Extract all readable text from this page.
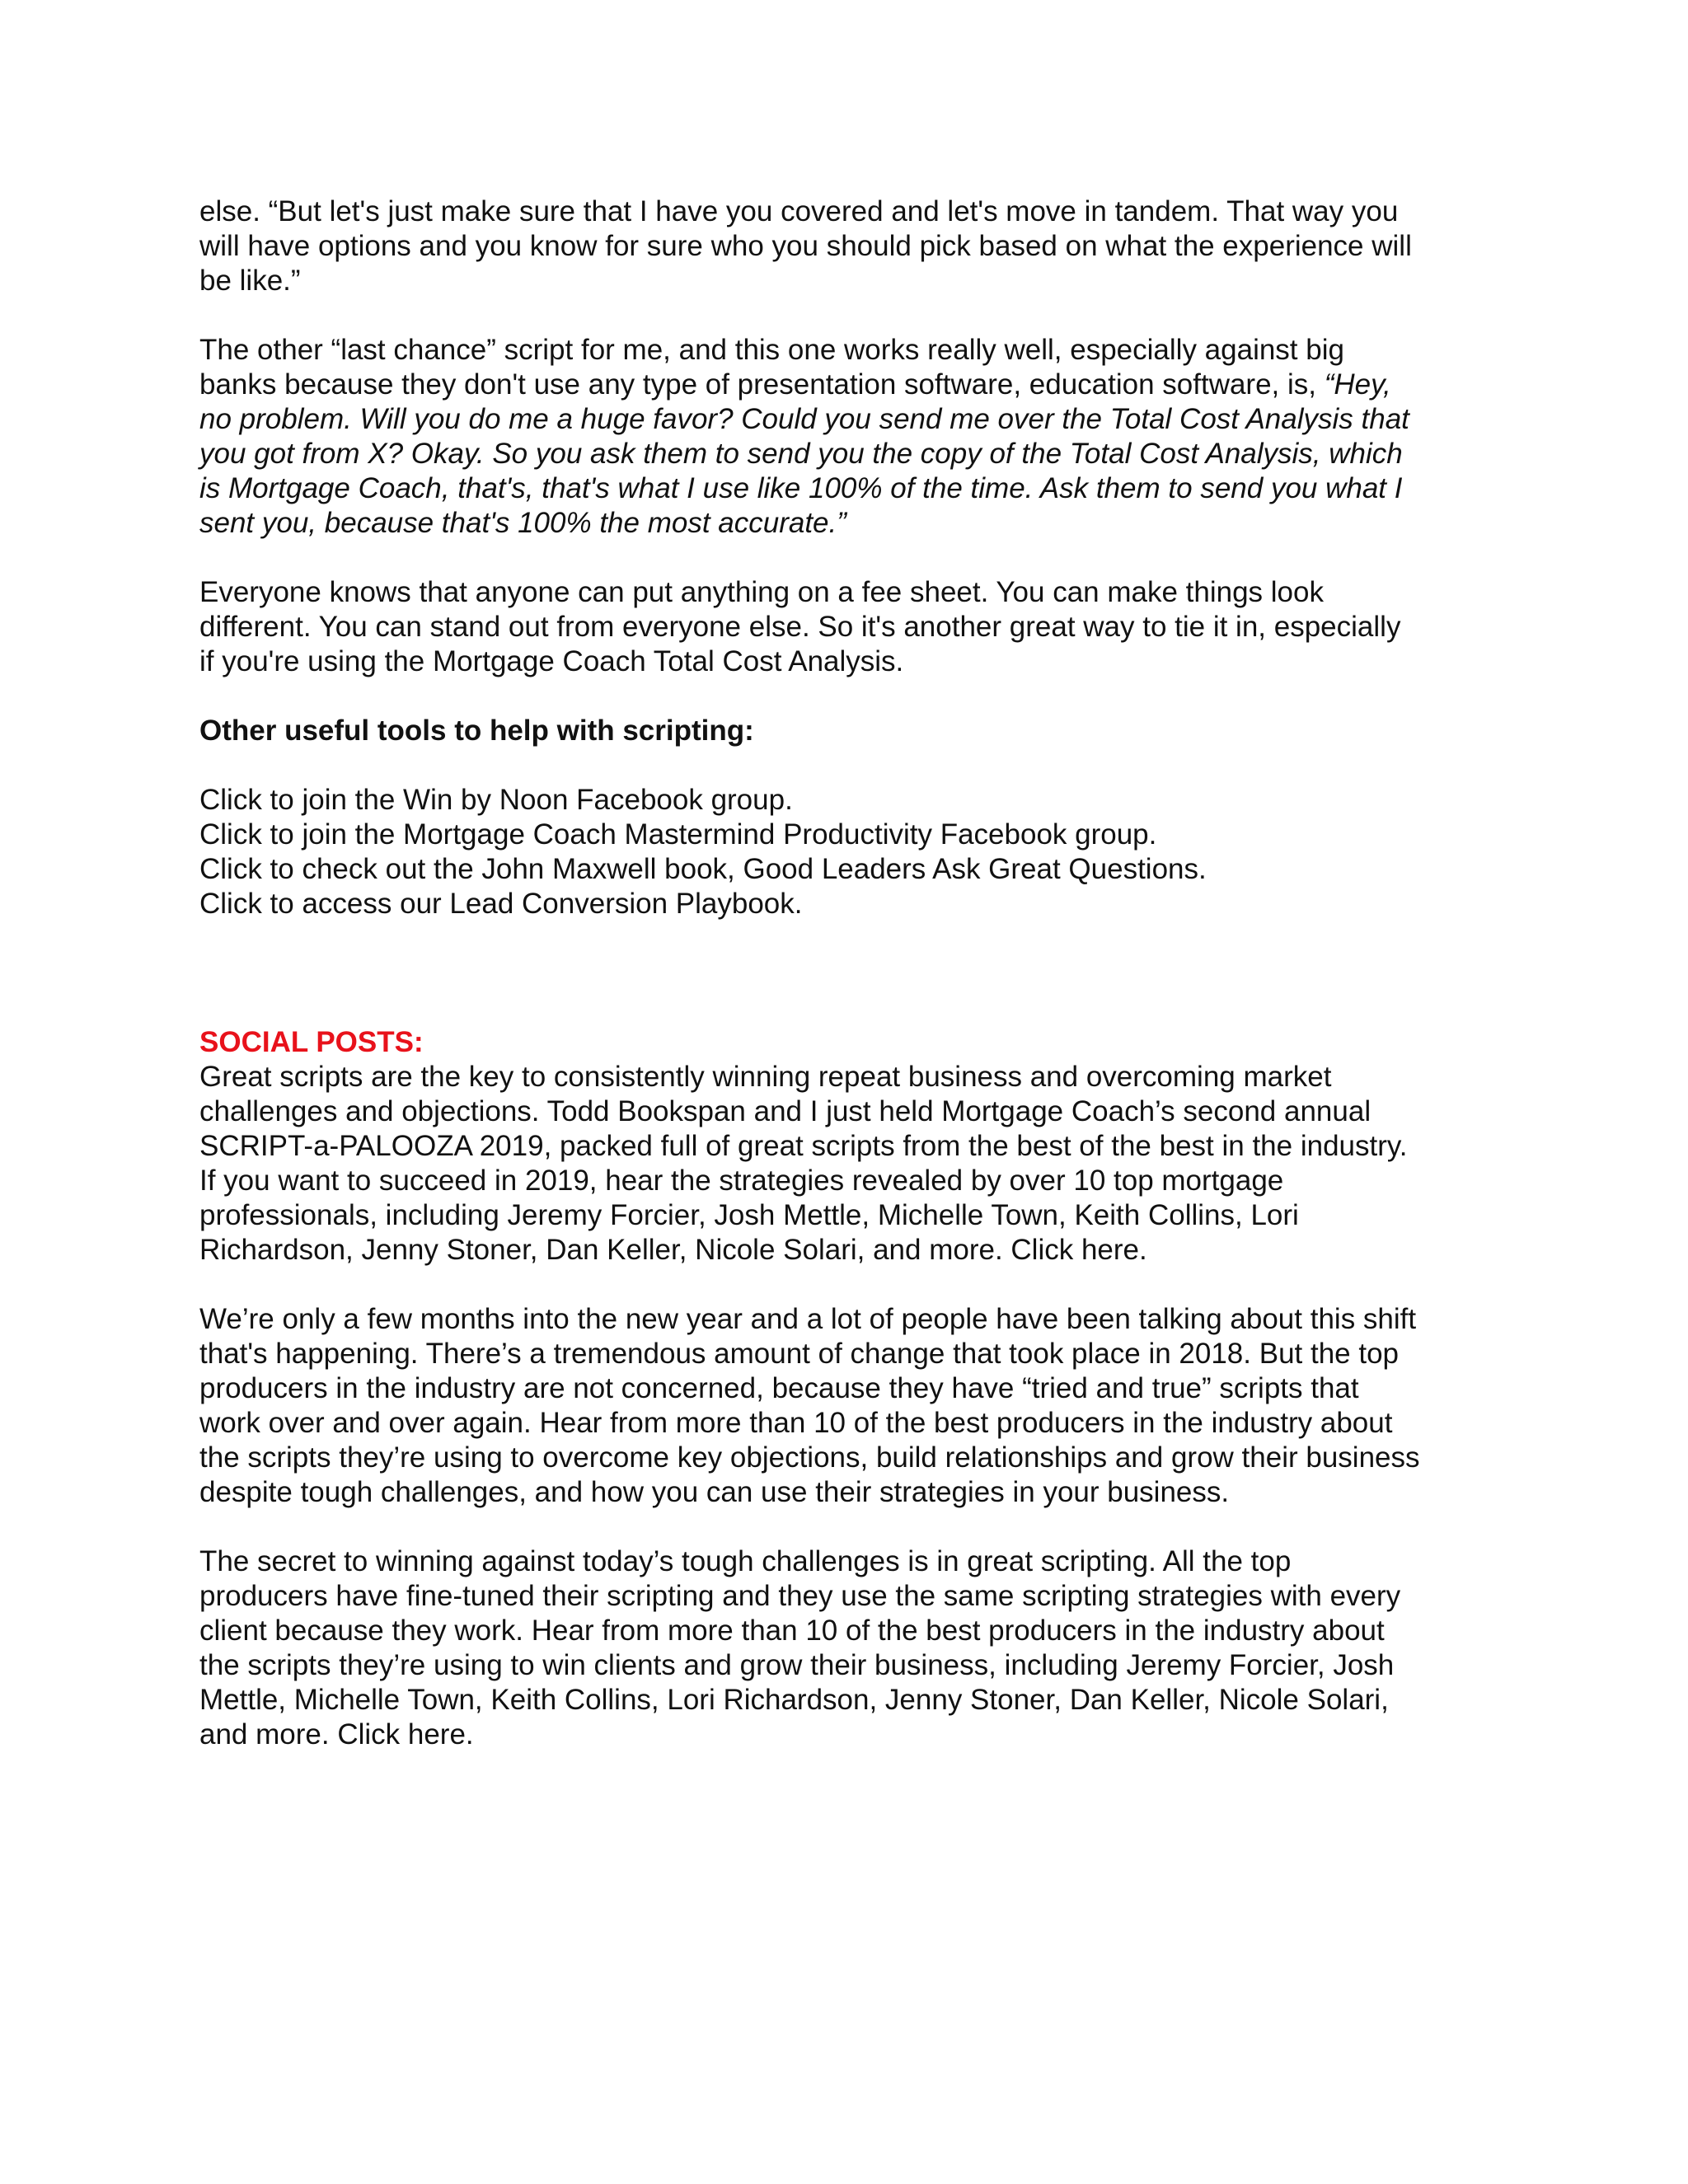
else. “But let's just make sure that I have you covered and let's move in tandem. That way you
will have options and you know for sure who you should pick based on what the experience will
be like.”

The other “last chance” script for me, and this one works really well, especially against big
banks because they don't use any type of presentation software, education software, is, “Hey,
no problem. Will you do me a huge favor? Could you send me over the Total Cost Analysis that
you got from X? Okay. So you ask them to send you the copy of the Total Cost Analysis, which
is Mortgage Coach, that's, that's what I use like 100% of the time. Ask them to send you what I
sent you, because that's 100% the most accurate.”

Everyone knows that anyone can put anything on a fee sheet. You can make things look
different. You can stand out from everyone else. So it's another great way to tie it in, especially
if you're using the Mortgage Coach Total Cost Analysis.

Other useful tools to help with scripting:

Click to join the Win by Noon Facebook group.
Click to join the Mortgage Coach Mastermind Productivity Facebook group.
Click to check out the John Maxwell book, Good Leaders Ask Great Questions.
Click to access our Lead Conversion Playbook.

SOCIAL POSTS:

Great scripts are the key to consistently winning repeat business and overcoming market
challenges and objections. Todd Bookspan and I just held Mortgage Coach’s second annual
SCRIPT-a-PALOOZA 2019, packed full of great scripts from the best of the best in the industry.
If you want to succeed in 2019, hear the strategies revealed by over 10 top mortgage
professionals, including Jeremy Forcier, Josh Mettle, Michelle Town, Keith Collins, Lori
Richardson, Jenny Stoner, Dan Keller, Nicole Solari, and more. Click here.

We’re only a few months into the new year and a lot of people have been talking about this shift
that's happening. There’s a tremendous amount of change that took place in 2018. But the top
producers in the industry are not concerned, because they have “tried and true” scripts that
work over and over again. Hear from more than 10 of the best producers in the industry about
the scripts they’re using to overcome key objections, build relationships and grow their business
despite tough challenges, and how you can use their strategies in your business.

The secret to winning against today’s tough challenges is in great scripting. All the top
producers have fine-tuned their scripting and they use the same scripting strategies with every
client because they work. Hear from more than 10 of the best producers in the industry about
the scripts they’re using to win clients and grow their business, including Jeremy Forcier, Josh
Mettle, Michelle Town, Keith Collins, Lori Richardson, Jenny Stoner, Dan Keller, Nicole Solari,
and more. Click here.
